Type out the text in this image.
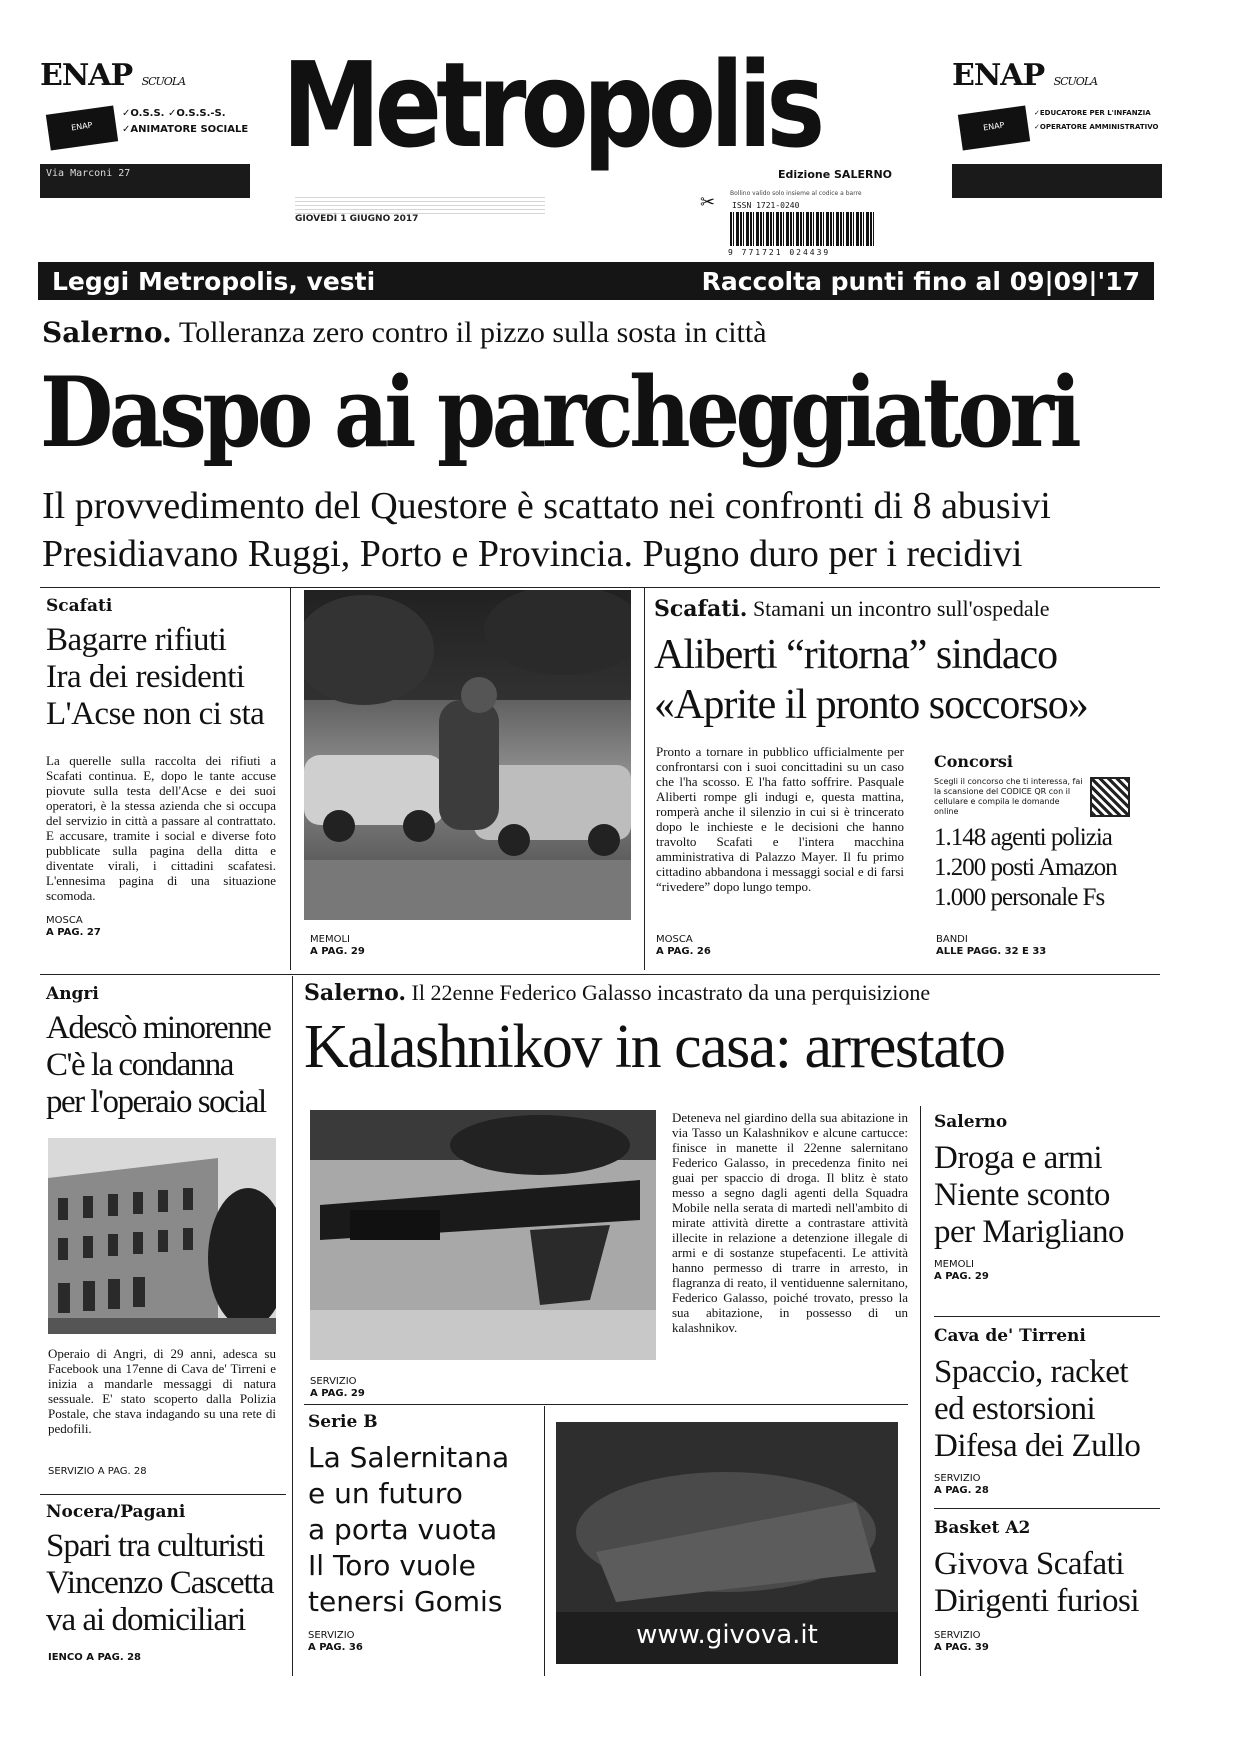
ENAP SCUOLA
ENAP
✓O.S.S. ✓O.S.S.-S.
✓ANIMATORE SOCIALE
Via Marconi 27	Metropolis
Edizione SALERNO
GIOVEDÌ 1 GIUGNO 2017
✂ Bollino valido solo insieme al codice a barre
ISSN 1721-0240
9 771721 024439
ENAP SCUOLA
ENAP
✓EDUCATORE PER L'INFANZIA
✓OPERATORE AMMINISTRATIVO
Leggi Metropolis, vesti	Raccolta punti fino al 09|09|'17
Salerno. Tolleranza zero contro il pizzo sulla sosta in città
Daspo ai parcheggiatori
Il provvedimento del Questore è scattato nei confronti di 8 abusivi
Presidiavano Ruggi, Porto e Provincia. Pugno duro per i recidivi
Scafati
Bagarre rifiuti
Ira dei residenti
L'Acse non ci sta
La querelle sulla raccolta dei rifiuti a Scafati continua. E, dopo le tante accuse piovute sulla testa dell'Acse e dei suoi operatori, è la stessa azienda che si occupa del servizio in città a passare al contrattato. E accusare, tramite i social e diverse foto pubblicate sulla pagina della ditta e diventate virali, i cittadini scafatesi. L'ennesima pagina di una situazione scomoda.
MOSCA
A PAG. 27
MEMOLI
A PAG. 29
Scafati. Stamani un incontro sull'ospedale
Aliberti “ritorna” sindaco
«Aprite il pronto soccorso»
Pronto a tornare in pubblico ufficialmente per confrontarsi con i suoi concittadini su un caso che l'ha scosso. E l'ha fatto soffrire. Pasquale Aliberti rompe gli indugi e, questa mattina, romperà anche il silenzio in cui si è trincerato dopo le inchieste e le decisioni che hanno travolto Scafati e l'intera macchina amministrativa di Palazzo Mayer. Il fu primo cittadino abbandona i messaggi social e di farsi “rivedere” dopo lungo tempo.
MOSCA
A PAG. 26
Concorsi
Scegli il concorso che ti interessa, fai la scansione del CODICE QR con il cellulare e compila le domande online
1.148 agenti polizia
1.200 posti Amazon
1.000 personale Fs
BANDI
ALLE PAGG. 32 E 33
Angri
Adescò minorenne
C'è la condanna
per l'operaio social
Operaio di Angri, di 29 anni, adesca su Facebook una 17enne di Cava de' Tirreni e inizia a mandarle messaggi di natura sessuale. E' stato scoperto dalla Polizia Postale, che stava indagando su una rete di pedofili.
SERVIZIO A PAG. 28
Nocera/Pagani
Spari tra culturisti
Vincenzo Cascetta
va ai domiciliari
IENCO A PAG. 28
Salerno. Il 22enne Federico Galasso incastrato da una perquisizione
Kalashnikov in casa: arrestato
Deteneva nel giardino della sua abitazione in via Tasso un Kalashnikov e alcune cartucce: finisce in manette il 22enne salernitano Federico Galasso, in precedenza finito nei guai per spaccio di droga. Il blitz è stato messo a segno dagli agenti della Squadra Mobile nella serata di martedì nell'ambito di mirate attività dirette a contrastare attività illecite in relazione a detenzione illegale di armi e di sostanze stupefacenti. Le attività hanno permesso di trarre in arresto, in flagranza di reato, il ventiduenne salernitano, Federico Galasso, poiché trovato, presso la sua abitazione, in possesso di un kalashnikov.
SERVIZIO
A PAG. 29
Salerno
Droga e armi
Niente sconto
per Marigliano
MEMOLI
A PAG. 29
Cava de' Tirreni
Spaccio, racket
ed estorsioni
Difesa dei Zullo
SERVIZIO
A PAG. 28
Basket A2
Givova Scafati
Dirigenti furiosi
SERVIZIO
A PAG. 39
Serie B
La Salernitana
e un futuro
a porta vuota
Il Toro vuole
tenersi Gomis
SERVIZIO
A PAG. 36	www.givova.it
